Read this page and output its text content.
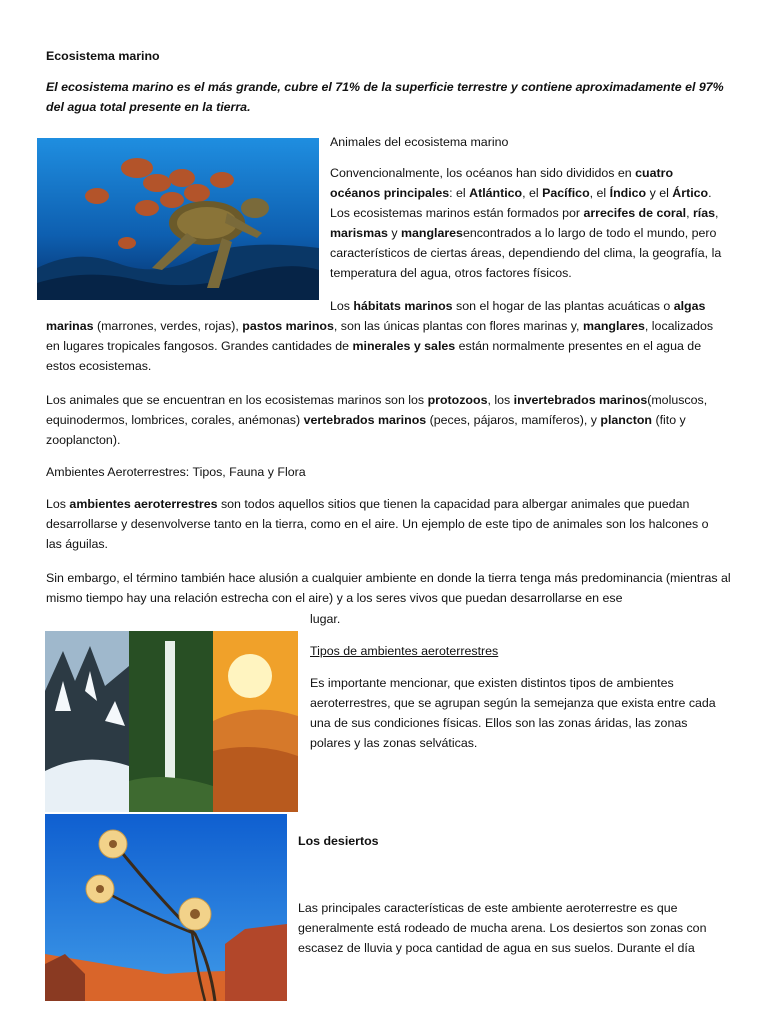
Ecosistema marino
El ecosistema marino es el más grande, cubre el 71% de la superficie terrestre y contiene aproximadamente el 97% del agua total presente en la tierra.
Animales del ecosistema marino
Convencionalmente, los océanos han sido divididos en cuatro océanos principales: el Atlántico, el Pacífico, el Índico y el Ártico. Los ecosistemas marinos están formados por arrecifes de coral, rías, marismas y manglaresencontrados a lo largo de todo el mundo, pero característicos de ciertas áreas, dependiendo del clima, la geografía, la temperatura del agua, otros factores físicos.
Los hábitats marinos son el hogar de las plantas acuáticas o algas
marinas (marrones, verdes, rojas), pastos marinos, son las únicas plantas con flores marinas y, manglares, localizados en lugares tropicales fangosos. Grandes cantidades de minerales y sales están normalmente presentes en el agua de estos ecosistemas.
Los animales que se encuentran en los ecosistemas marinos son los protozoos, los invertebrados marinos(moluscos, equinodermos, lombrices, corales, anémonas) vertebrados marinos (peces, pájaros, mamíferos), y plancton (fito y zooplancton).
Ambientes Aeroterrestres: Tipos, Fauna y Flora
Los ambientes aeroterrestres son todos aquellos sitios que tienen la capacidad para albergar animales que puedan desarrollarse y desenvolverse tanto en la tierra, como en el aire. Un ejemplo de este tipo de animales son los halcones o las águilas.
Sin embargo, el término también hace alusión a cualquier ambiente en donde la tierra tenga más predominancia (mientras al mismo tiempo hay una relación estrecha con el aire) y a los seres vivos que puedan desarrollarse en ese
lugar.
Tipos de ambientes aeroterrestres
Es importante mencionar, que existen distintos tipos de ambientes aeroterrestres, que se agrupan según la semejanza que exista entre cada una de sus condiciones físicas. Ellos son las zonas áridas, las zonas polares y las zonas selváticas.
Los desiertos
Las principales características de este ambiente aeroterrestre es que generalmente está rodeado de mucha arena. Los desiertos son zonas con escasez de lluvia y poca cantidad de agua en sus suelos. Durante el día
